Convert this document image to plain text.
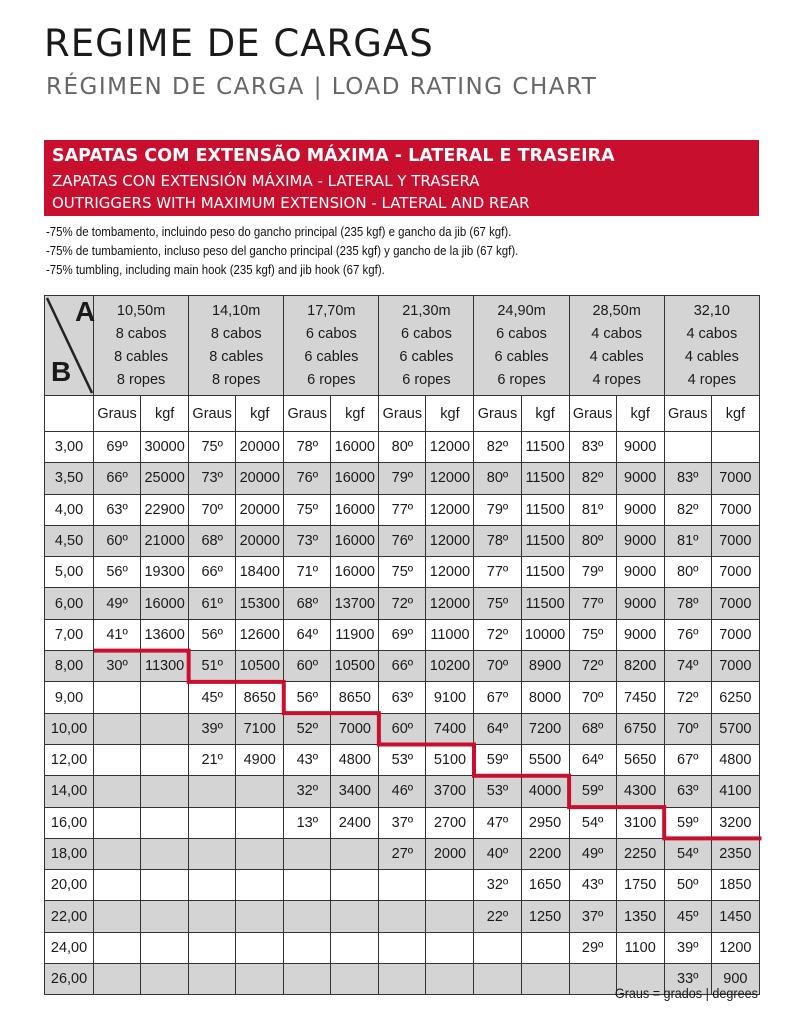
REGIME DE CARGAS
RÉGIMEN DE CARGA | LOAD RATING CHART
SAPATAS COM EXTENSÃO MÁXIMA - LATERAL E TRASEIRA
ZAPATAS CON EXTENSIÓN MÁXIMA - LATERAL Y TRASERA
OUTRIGGERS WITH MAXIMUM EXTENSION - LATERAL AND REAR
-75% de tombamento, incluindo peso do gancho principal (235 kgf) e gancho da jib (67 kgf).
-75% de tumbamiento, incluso peso del gancho principal (235 kgf) y gancho de la jib (67 kgf).
-75% tumbling, including main hook (235 kgf) and jib hook (67 kgf).
A
B	10,50m
8 cabos
8 cables
8 ropes		14,10m
8 cabos
8 cables
8 ropes		17,70m
6 cabos
6 cables
6 ropes		21,30m
6 cabos
6 cables
6 ropes		24,90m
6 cabos
6 cables
6 ropes		28,50m
4 cabos
4 cables
4 ropes		32,10
4 cabos
4 cables
4 ropes	

	Graus	kgf	Graus	kgf	Graus	kgf	Graus	kgf	Graus	kgf	Graus	kgf	Graus	kgf
3,00	69º	30000	75º	20000	78º	16000	80º	12000	82º	11500	83º	9000		
3,50	66º	25000	73º	20000	76º	16000	79º	12000	80º	11500	82º	9000	83º	7000
4,00	63º	22900	70º	20000	75º	16000	77º	12000	79º	11500	81º	9000	82º	7000
4,50	60º	21000	68º	20000	73º	16000	76º	12000	78º	11500	80º	9000	81º	7000
5,00	56º	19300	66º	18400	71º	16000	75º	12000	77º	11500	79º	9000	80º	7000
6,00	49º	16000	61º	15300	68º	13700	72º	12000	75º	11500	77º	9000	78º	7000
7,00	41º	13600	56º	12600	64º	11900	69º	11000	72º	10000	75º	9000	76º	7000
8,00	30º	11300	51º	10500	60º	10500	66º	10200	70º	8900	72º	8200	74º	7000
9,00			45º	8650	56º	8650	63º	9100	67º	8000	70º	7450	72º	6250
10,00			39º	7100	52º	7000	60º	7400	64º	7200	68º	6750	70º	5700
12,00			21º	4900	43º	4800	53º	5100	59º	5500	64º	5650	67º	4800
14,00					32º	3400	46º	3700	53º	4000	59º	4300	63º	4100
16,00					13º	2400	37º	2700	47º	2950	54º	3100	59º	3200
18,00							27º	2000	40º	2200	49º	2250	54º	2350
20,00									32º	1650	43º	1750	50º	1850
22,00									22º	1250	37º	1350	45º	1450
24,00											29º	1100	39º	1200
26,00													33º	900
Graus = grados | degrees
